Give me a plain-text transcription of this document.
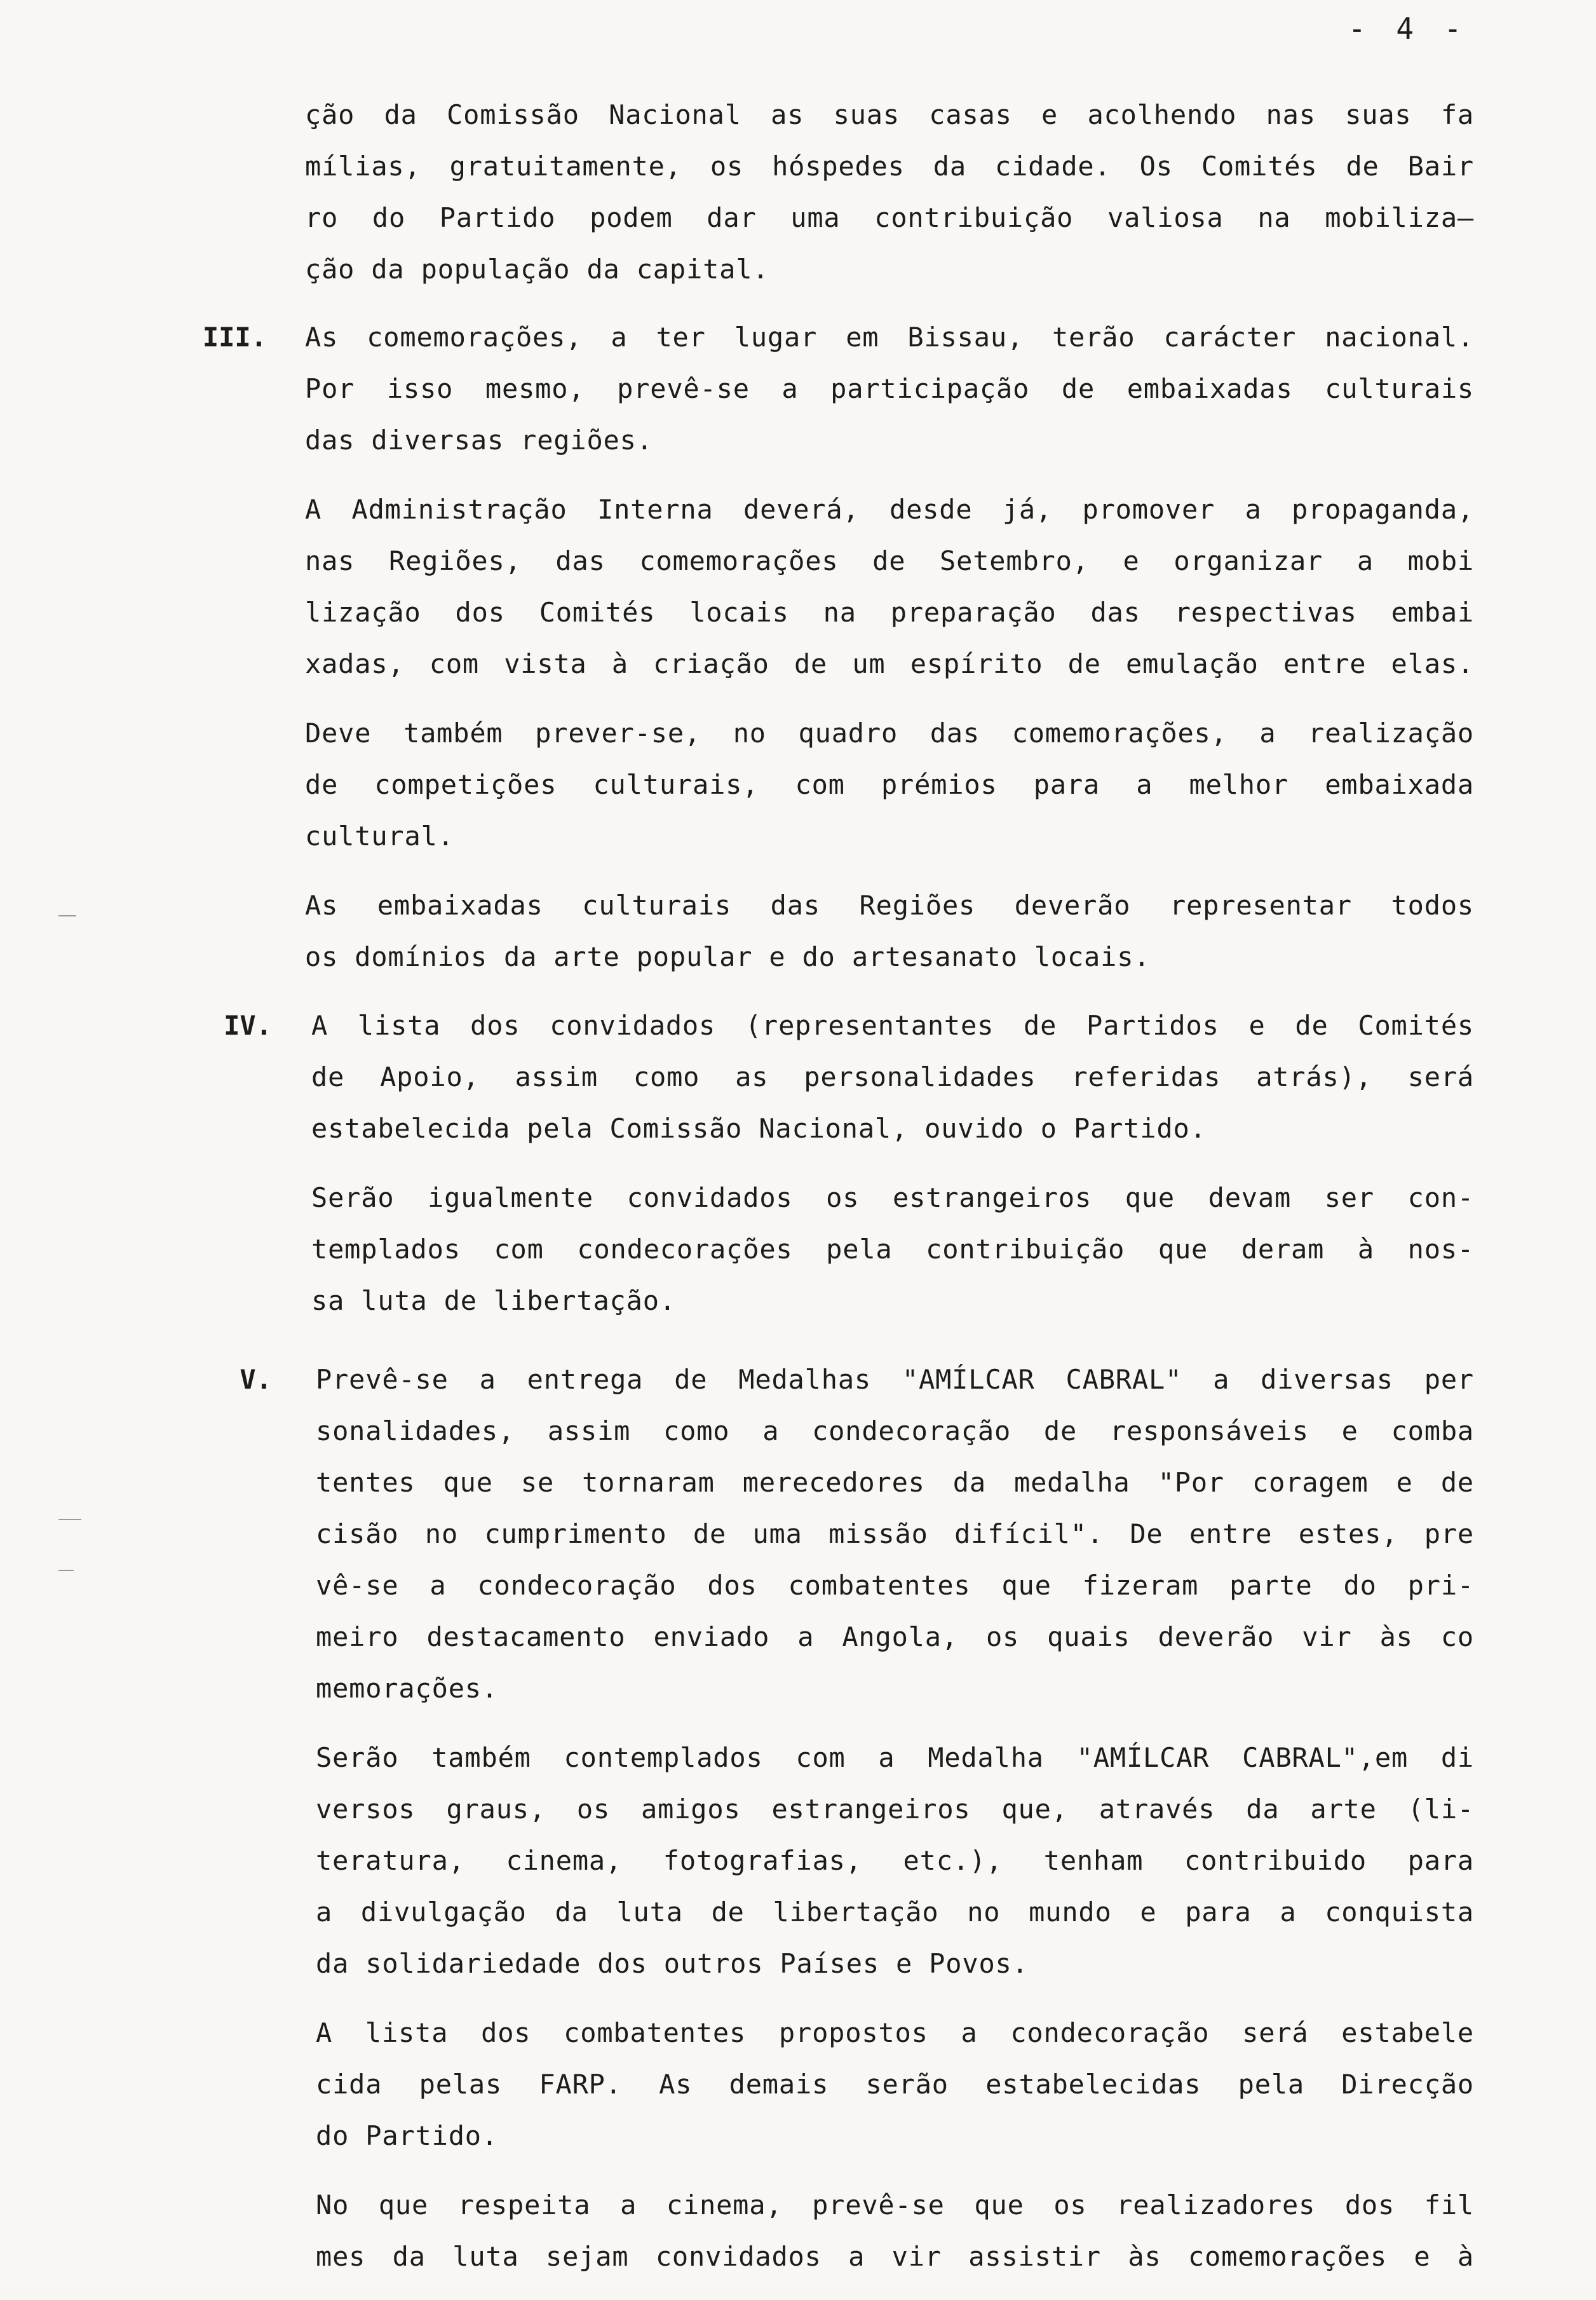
- 4 -
ção da Comissão Nacional as suas casas e acolhendo nas suas fa
mílias, gratuitamente, os hóspedes da cidade. Os Comités de Bair
ro do Partido podem dar uma contribuição valiosa na mobiliza—
ção da população da capital.
III. As comemorações, a ter lugar em Bissau, terão carácter nacional.
Por isso mesmo, prevê-se a participação de embaixadas culturais
das diversas regiões.
A Administração Interna deverá, desde já, promover a propaganda,
nas Regiões, das comemorações de Setembro, e organizar a mobi
lização dos Comités locais na preparação das respectivas embai
xadas, com vista à criação de um espírito de emulação entre elas.
Deve também prever-se, no quadro das comemorações, a realização
de competições culturais, com prémios para a melhor embaixada
cultural.
As embaixadas culturais das Regiões deverão representar todos
os domínios da arte popular e do artesanato locais.
IV. A lista dos convidados (representantes de Partidos e de Comités
de Apoio, assim como as personalidades referidas atrás), será
estabelecida pela Comissão Nacional, ouvido o Partido.
Serão igualmente convidados os estrangeiros que devam ser con-
templados com condecorações pela contribuição que deram à nos-
sa luta de libertação.
V. Prevê-se a entrega de Medalhas "AMÍLCAR CABRAL" a diversas per
sonalidades, assim como a condecoração de responsáveis e comba
tentes que se tornaram merecedores da medalha "Por coragem e de
cisão no cumprimento de uma missão difícil". De entre estes, pre
vê-se a condecoração dos combatentes que fizeram parte do pri-
meiro destacamento enviado a Angola, os quais deverão vir às co
memorações.
Serão também contemplados com a Medalha "AMÍLCAR CABRAL",em di
versos graus, os amigos estrangeiros que, através da arte (li-
teratura, cinema, fotografias, etc.), tenham contribuido para
a divulgação da luta de libertação no mundo e para a conquista
da solidariedade dos outros Países e Povos.
A lista dos combatentes propostos a condecoração será estabele
cida pelas FARP. As demais serão estabelecidas pela Direcção
do Partido.
No que respeita a cinema, prevê-se que os realizadores dos fil
mes da luta sejam convidados a vir assistir às comemorações e à
